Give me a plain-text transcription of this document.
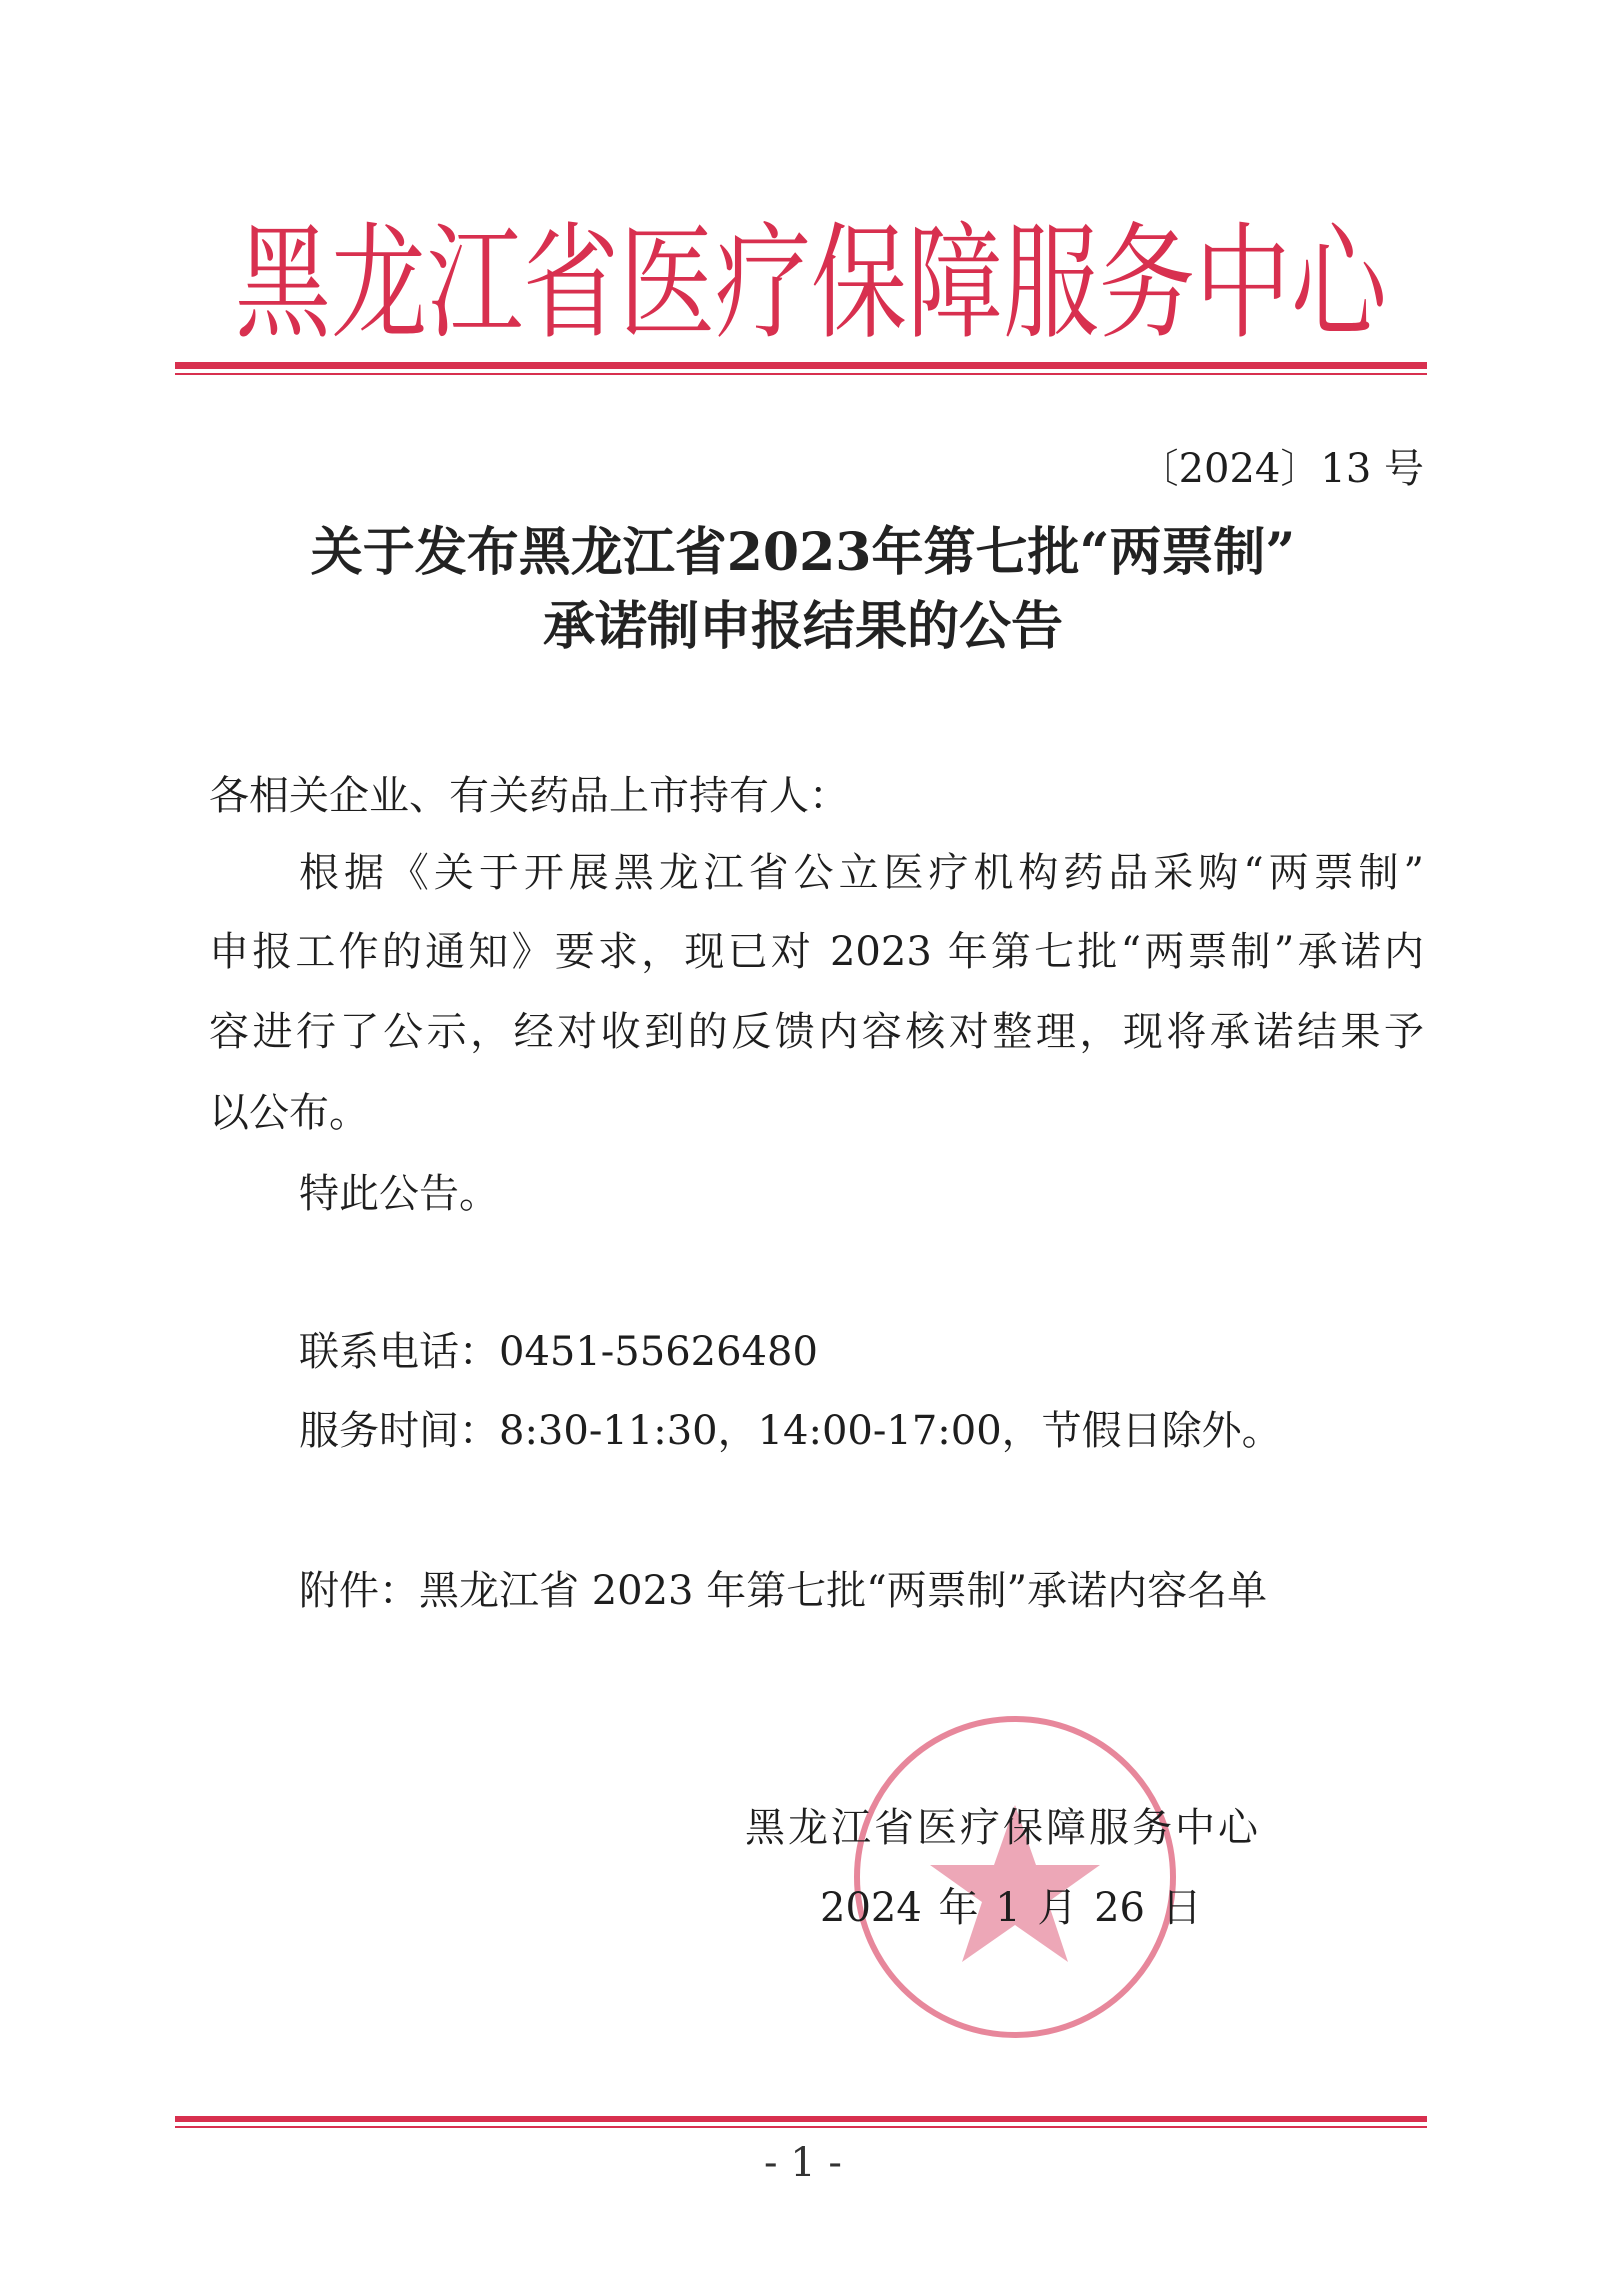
黑龙江省医疗保障服务中心
〔2024〕13 号
关于发布黑龙江省2023年第七批“两票制”
承诺制申报结果的公告
各相关企业、有关药品上市持有人：
根据《关于开展黑龙江省公立医疗机构药品采购“两票制”
申报工作的通知》要求，现已对 2023 年第七批“两票制”承诺内
容进行了公示，经对收到的反馈内容核对整理，现将承诺结果予
以公布。
特此公告。
联系电话：0451-55626480
服务时间：8:30-11:30，14:00-17:00，节假日除外。
附件：黑龙江省 2023 年第七批“两票制”承诺内容名单
黑龙江省医疗保障服务中心
2024 年 1 月 26 日
- 1 -
